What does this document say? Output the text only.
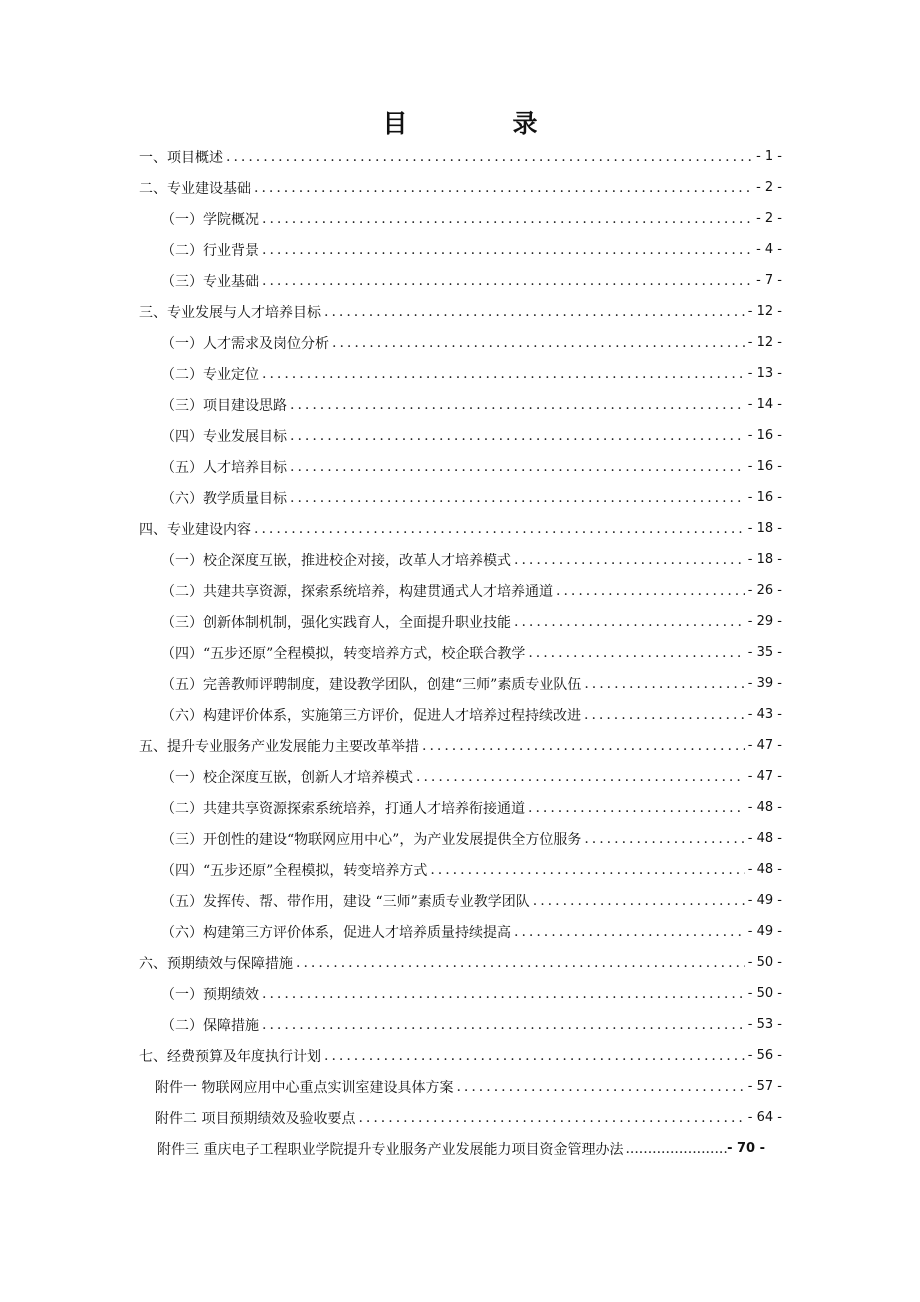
目　录
一、项目概述 .....	- 1 -
二、专业建设基础 .....	- 2 -
（一）学院概况 .....	- 2 -
（二）行业背景 .....	- 4 -
（三）专业基础 .....	- 7 -
三、专业发展与人才培养目标 .....	- 12 -
（一）人才需求及岗位分析 .....	- 12 -
（二）专业定位 .....	- 13 -
（三）项目建设思路 .....	- 14 -
（四）专业发展目标 .....	- 16 -
（五）人才培养目标 .....	- 16 -
（六）教学质量目标 .....	- 16 -
四、专业建设内容 .....	- 18 -
（一）校企深度互嵌，推进校企对接，改革人才培养模式 .....	- 18 -
（二）共建共享资源，探索系统培养，构建贯通式人才培养通道 .....	- 26 -
（三）创新体制机制，强化实践育人，全面提升职业技能 .....	- 29 -
（四）“五步还原”全程模拟，转变培养方式，校企联合教学 .....	- 35 -
（五）完善教师评聘制度，建设教学团队，创建“三师”素质专业队伍 .....	- 39 -
（六）构建评价体系，实施第三方评价，促进人才培养过程持续改进 .....	- 43 -
五、提升专业服务产业发展能力主要改革举措 .....	- 47 -
（一）校企深度互嵌，创新人才培养模式 .....	- 47 -
（二）共建共享资源探索系统培养，打通人才培养衔接通道 .....	- 48 -
（三）开创性的建设“物联网应用中心”，为产业发展提供全方位服务 .....	- 48 -
（四）“五步还原”全程模拟，转变培养方式 .....	- 48 -
（五）发挥传、帮、带作用，建设 “三师”素质专业教学团队 .....	- 49 -
（六）构建第三方评价体系，促进人才培养质量持续提高 .....	- 49 -
六、预期绩效与保障措施 .....	- 50 -
（一）预期绩效 .....	- 50 -
（二）保障措施 .....	- 53 -
七、经费预算及年度执行计划 .....	- 56 -
附件一 物联网应用中心重点实训室建设具体方案 .....	- 57 -
附件二 项目预期绩效及验收要点 .....	- 64 -
附件三 重庆电子工程职业学院提升专业服务产业发展能力项目资金管理办法 .....	- 70 -
